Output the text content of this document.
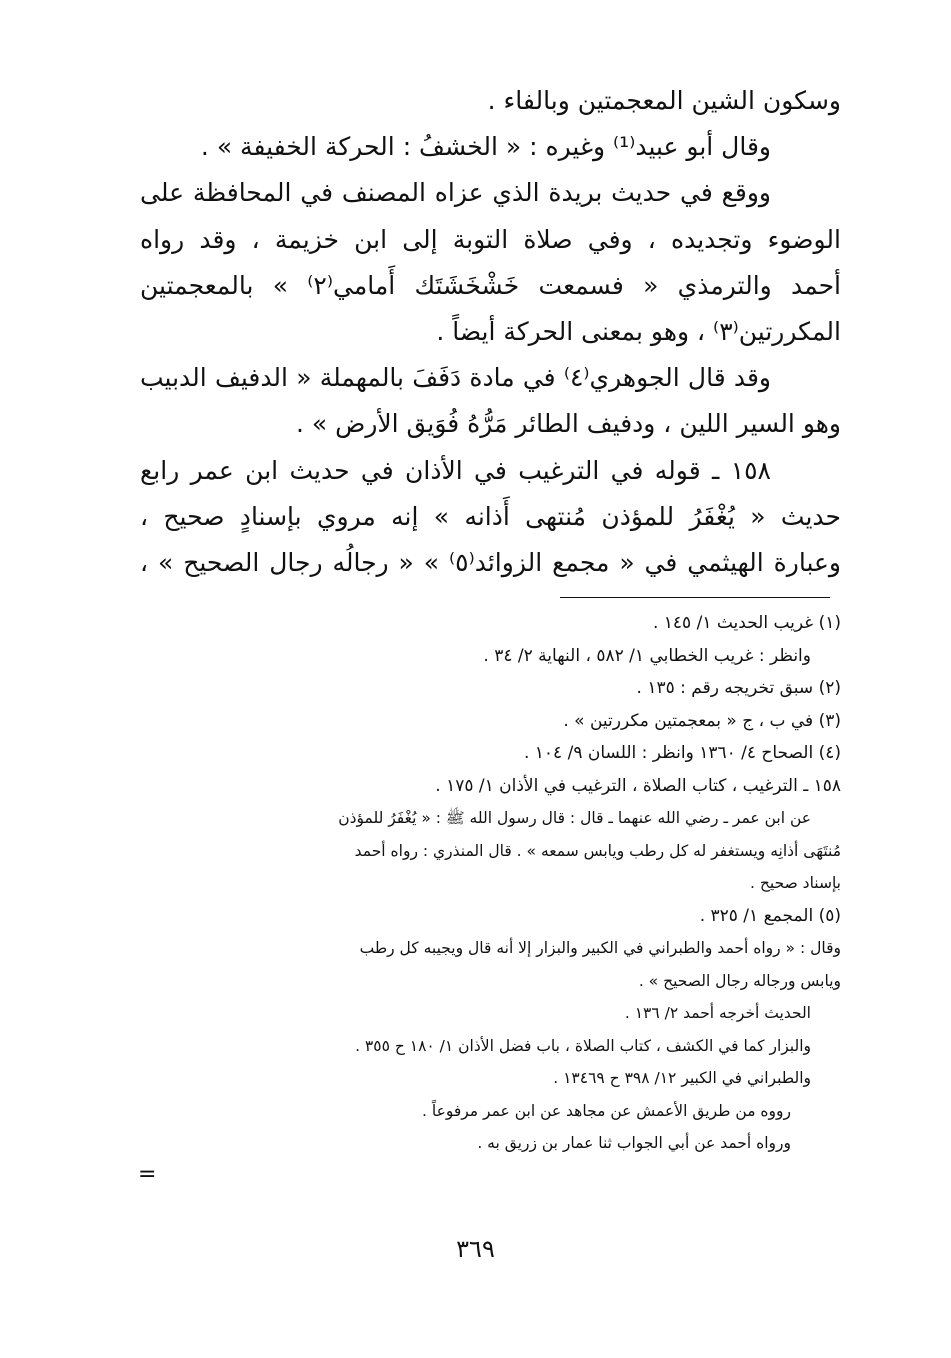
وسكون الشين المعجمتين وبالفاء .
وقال أبو عبيد⁽¹⁾ وغيره : « الخشفُ : الحركة الخفيفة » .
ووقع في حديث بريدة الذي عزاه المصنف في المحافظة على
الوضوء وتجديده ، وفي صلاة التوبة إلى ابن خزيمة ، وقد رواه
أحمد والترمذي « فسمعت خَشْخَشَتَك أَمامي⁽٢⁾ » بالمعجمتين
المكررتين⁽٣⁾ ، وهو بمعنى الحركة أيضاً .
وقد قال الجوهري⁽٤⁾ في مادة دَفَفَ بالمهملة « الدفيف الدبيب
وهو السير اللين ، ودفيف الطائر مَرُّهُ فُوَيق الأرض » .
١٥٨ ـ قوله في الترغيب في الأذان في حديث ابن عمر رابع
حديث « يُغْفَرُ للمؤذن مُنتهى أَذانه » إنه مروي بإسنادٍ صحيح ،
وعبارة الهيثمي في « مجمع الزوائد⁽٥⁾ » « رجالُه رجال الصحيح » ،
(١) غريب الحديث ١/ ١٤٥ .
وانظر : غريب الخطابي ١/ ٥٨٢ ، النهاية ٢/ ٣٤ .
(٢) سبق تخريجه رقم : ١٣٥ .
(٣) في ب ، ج « بمعجمتين مكررتين » .
(٤) الصحاح ٤/ ١٣٦٠ وانظر : اللسان ٩/ ١٠٤ .
١٥٨ ـ الترغيب ، كتاب الصلاة ، الترغيب في الأذان ١/ ١٧٥ .
عن ابن عمر ـ رضي الله عنهما ـ قال : قال رسول الله ﷺ : « يُغْفَرُ للمؤذن
مُنتَهَى أذانِه ويستغفر له كل رطب ويابس سمعه » . قال المنذري : رواه أحمد
بإسناد صحيح .
(٥) المجمع ١/ ٣٢٥ .
وقال : « رواه أحمد والطبراني في الكبير والبزار إلا أنه قال ويجيبه كل رطب
ويابس ورجاله رجال الصحيح » .
الحديث أخرجه أحمد ٢/ ١٣٦ .
والبزار كما في الكشف ، كتاب الصلاة ، باب فضل الأذان ١/ ١٨٠ ح ٣٥٥ .
والطبراني في الكبير ١٢/ ٣٩٨ ح ١٣٤٦٩ .
رووه من طريق الأعمش عن مجاهد عن ابن عمر مرفوعاً .
ورواه أحمد عن أبي الجواب ثنا عمار بن زريق به .
=
٣٦٩
